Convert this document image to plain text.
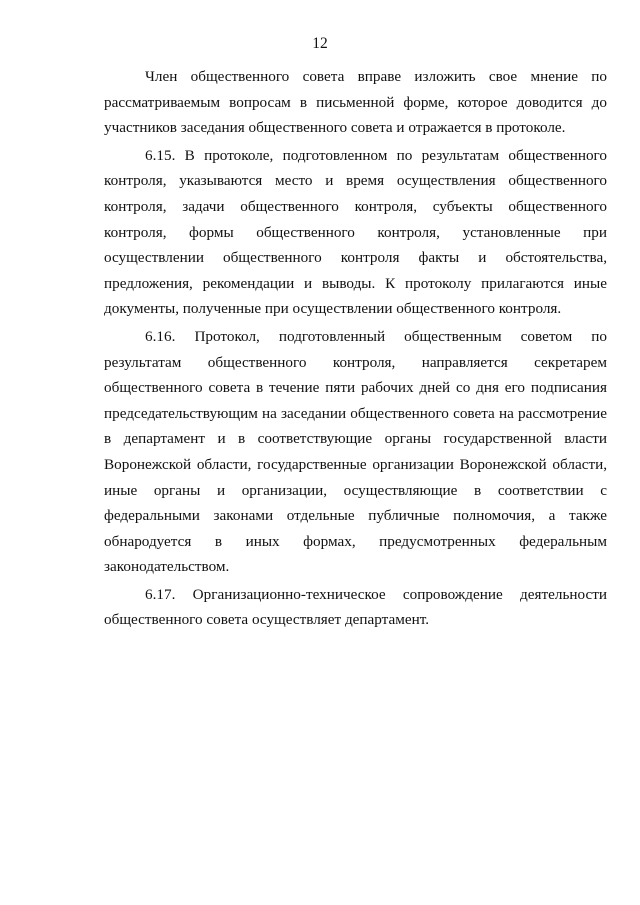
12

Член общественного совета вправе изложить свое мнение по рассматриваемым вопросам в письменной форме, которое доводится до участников заседания общественного совета и отражается в протоколе.

6.15. В протоколе, подготовленном по результатам общественного контроля, указываются место и время осуществления общественного контроля, задачи общественного контроля, субъекты общественного контроля, формы общественного контроля, установленные при осуществлении общественного контроля факты и обстоятельства, предложения, рекомендации и выводы. К протоколу прилагаются иные документы, полученные при осуществлении общественного контроля.

6.16. Протокол, подготовленный общественным советом по результатам общественного контроля, направляется секретарем общественного совета в течение пяти рабочих дней со дня его подписания председательствующим на заседании общественного совета на рассмотрение в департамент и в соответствующие органы государственной власти Воронежской области, государственные организации Воронежской области, иные органы и организации, осуществляющие в соответствии с федеральными законами отдельные публичные полномочия, а также обнародуется в иных формах, предусмотренных федеральным законодательством.

6.17. Организационно-техническое сопровождение деятельности общественного совета осуществляет департамент.
